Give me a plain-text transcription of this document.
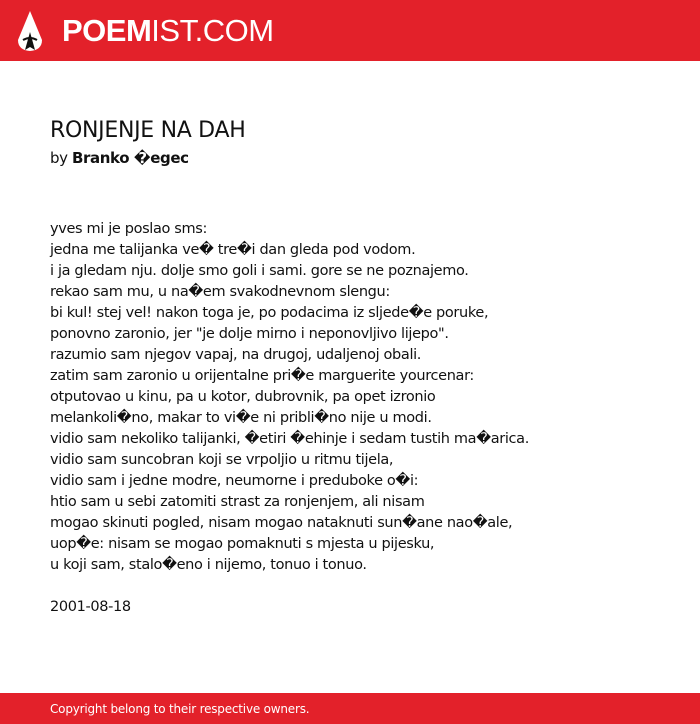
POEMIST.COM
RONJENJE NA DAH
by Branko �egec
yves mi je poslao sms:
jedna me talijanka ve� tre�i dan gleda pod vodom.
i ja gledam nju. dolje smo goli i sami. gore se ne poznajemo.
rekao sam mu, u na�em svakodnevnom slengu:
bi kul! stej vel! nakon toga je, po podacima iz sljede�e poruke,
ponovno zaronio, jer "je dolje mirno i neponovljivo lijepo".
razumio sam njegov vapaj, na drugoj, udaljenoj obali.
zatim sam zaronio u orijentalne pri�e marguerite yourcenar:
otputovao u kinu, pa u kotor, dubrovnik, pa opet izronio
melankoli�no, makar to vi�e ni pribli�no nije u modi.
vidio sam nekoliko talijanki, �etiri �ehinje i sedam tustih ma�arica.
vidio sam suncobran koji se vrpoljio u ritmu tijela,
vidio sam i jedne modre, neumorne i preduboke o�i:
htio sam u sebi zatomiti strast za ronjenjem, ali nisam
mogao skinuti pogled, nisam mogao nataknuti sun�ane nao�ale,
uop�e: nisam se mogao pomaknuti s mjesta u pijesku,
u koji sam, stalo�eno i nijemo, tonuo i tonuo.
2001-08-18
Copyright belong to their respective owners.
